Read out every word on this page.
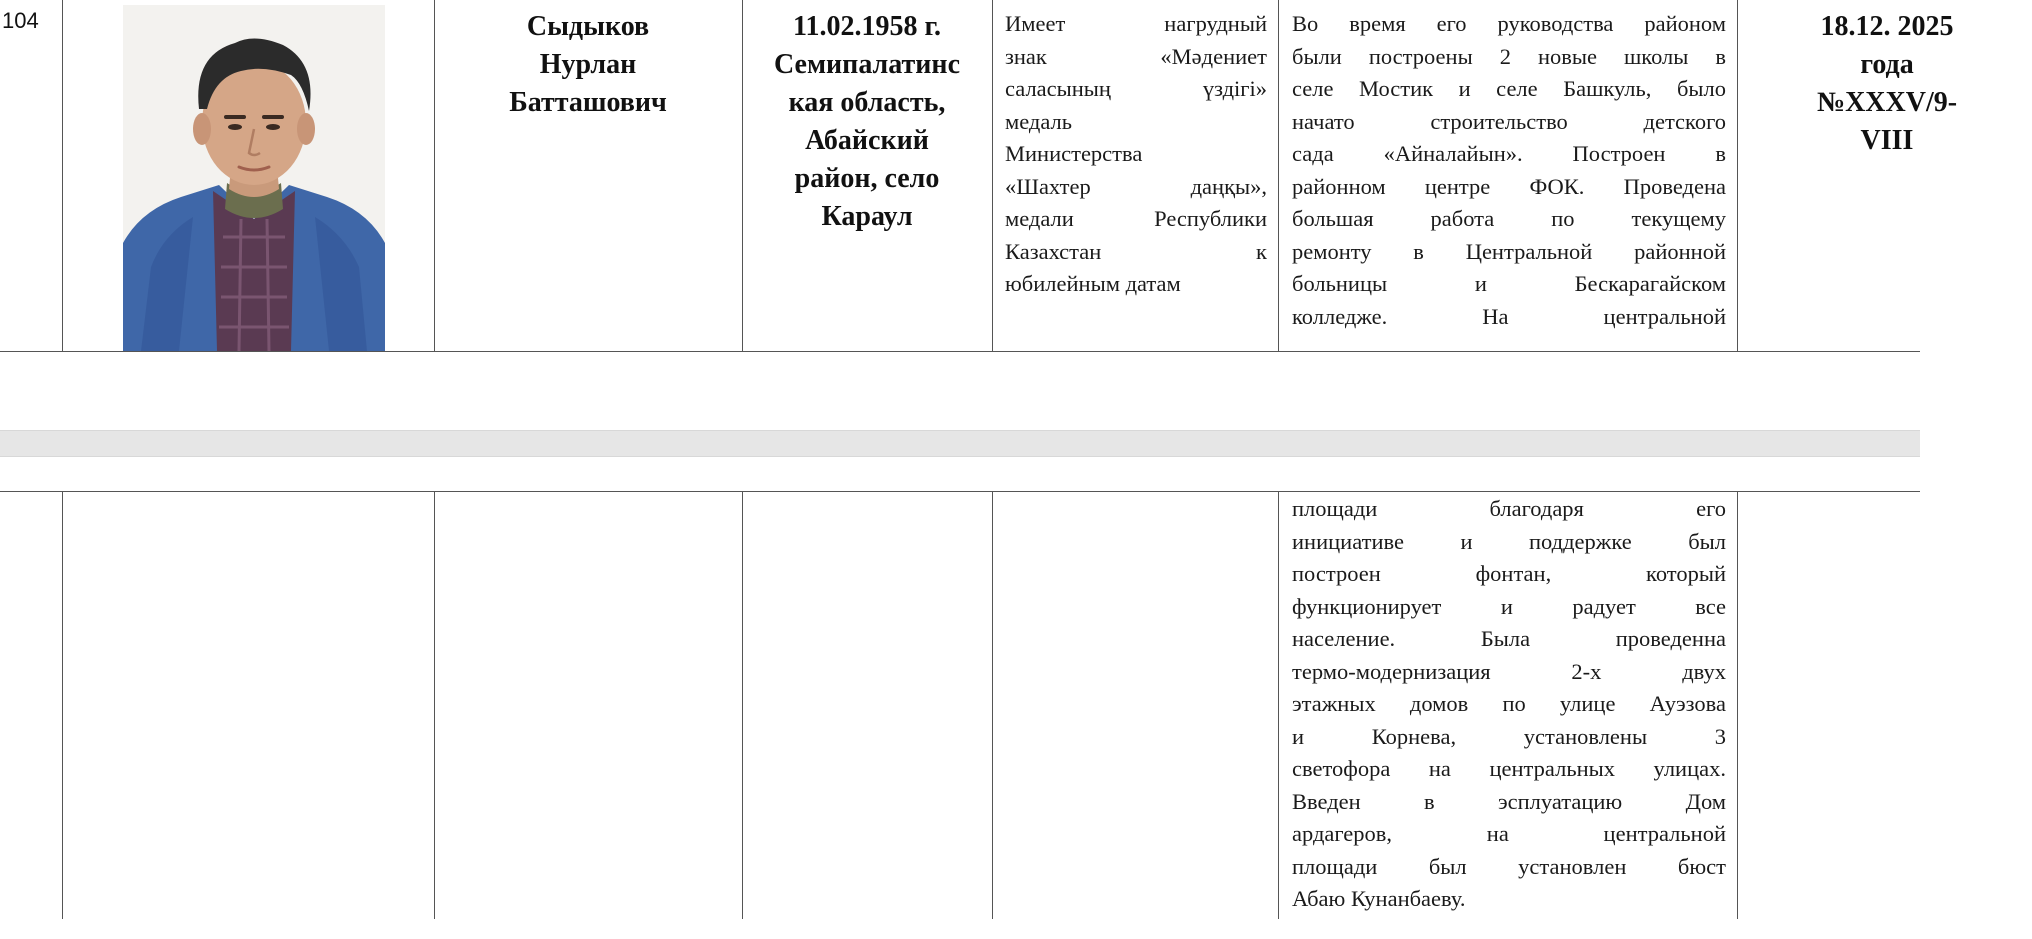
104	Сыдыков
Нурлан
Батташович
11.02.1958 г.
Семипалатинс
кая область,
Абайский
район, село
Караул
Имеет нагрудный
знак «Мәдениет
саласының үздігі»
медаль
Министерства
«Шахтер даңқы»,
медали Республики
Казахстан к
юбилейным датам
Во время его руководства районом
были построены 2 новые школы в
селе Мостик и селе Башкуль, было
начато строительство детского
сада «Айналайын». Построен в
районном центре ФОК. Проведена
большая работа по текущему
ремонту в Центральной районной
больницы и Бескарагайском
колледже. На центральной
18.12. 2025
года
№XXXV/9-
VIII
площади благодаря его
инициативе и поддержке был
построен фонтан, который
функционирует и радует все
население. Была проведенна
термо-модернизация 2-х двух
этажных домов по улице Ауэзова
и Корнева, установлены 3
светофора на центральных улицах.
Введен в эсплуатацию Дом
ардагеров, на центральной
площади был установлен бюст
Абаю Кунанбаеву.
